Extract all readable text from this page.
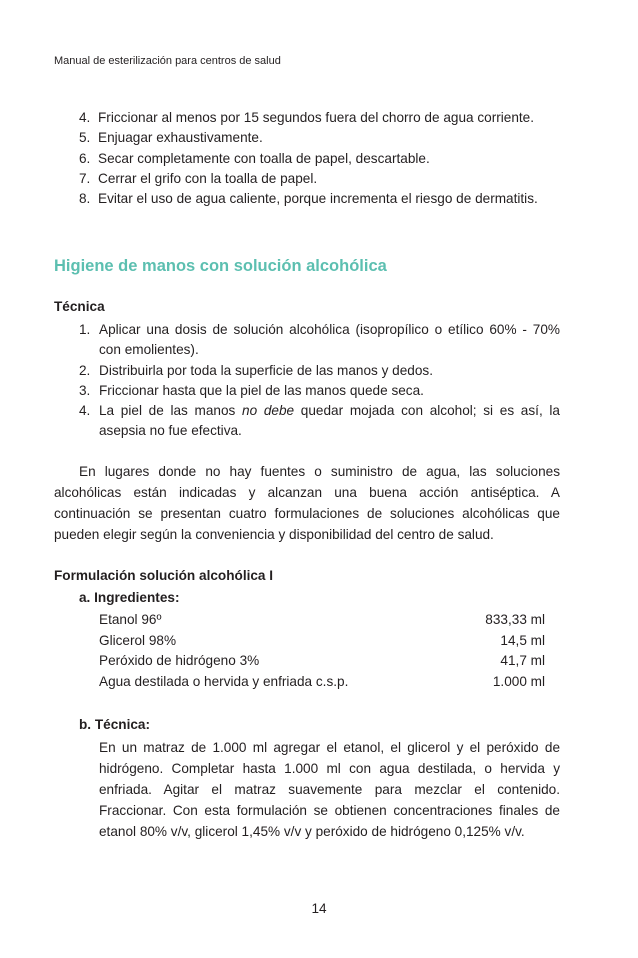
Manual de esterilización para centros de salud
4. Friccionar al menos por 15 segundos fuera del chorro de agua corriente.
5. Enjuagar exhaustivamente.
6. Secar completamente con toalla de papel, descartable.
7. Cerrar el grifo con la toalla de papel.
8. Evitar el uso de agua caliente, porque incrementa el riesgo de dermatitis.
Higiene de manos con solución alcohólica
Técnica
1. Aplicar una dosis de solución alcohólica (isopropílico o etílico 60% - 70% con emolientes).
2. Distribuirla por toda la superficie de las manos y dedos.
3. Friccionar hasta que la piel de las manos quede seca.
4. La piel de las manos no debe quedar mojada con alcohol; si es así, la asepsia no fue efectiva.

En lugares donde no hay fuentes o suministro de agua, las soluciones alcohólicas están indicadas y alcanzan una buena acción antiséptica. A continuación se presentan cuatro formulaciones de soluciones alcohólicas que pueden elegir según la conveniencia y disponibilidad del centro de salud.

Formulación solución alcohólica I
a. Ingredientes:
Etanol 96º	833,33 ml
Glicerol 98%	14,5 ml
Peróxido de hidrógeno 3%	41,7 ml
Agua destilada o hervida y enfriada c.s.p.	1.000 ml
b. Técnica:

En un matraz de 1.000 ml agregar el etanol, el glicerol y el peróxido de hidrógeno. Completar hasta 1.000 ml con agua destilada, o hervida y enfriada. Agitar el matraz suavemente para mezclar el contenido. Fraccionar. Con esta formulación se obtienen concentraciones finales de etanol 80% v/v, glicerol 1,45% v/v y peróxido de hidrógeno 0,125% v/v.

14
